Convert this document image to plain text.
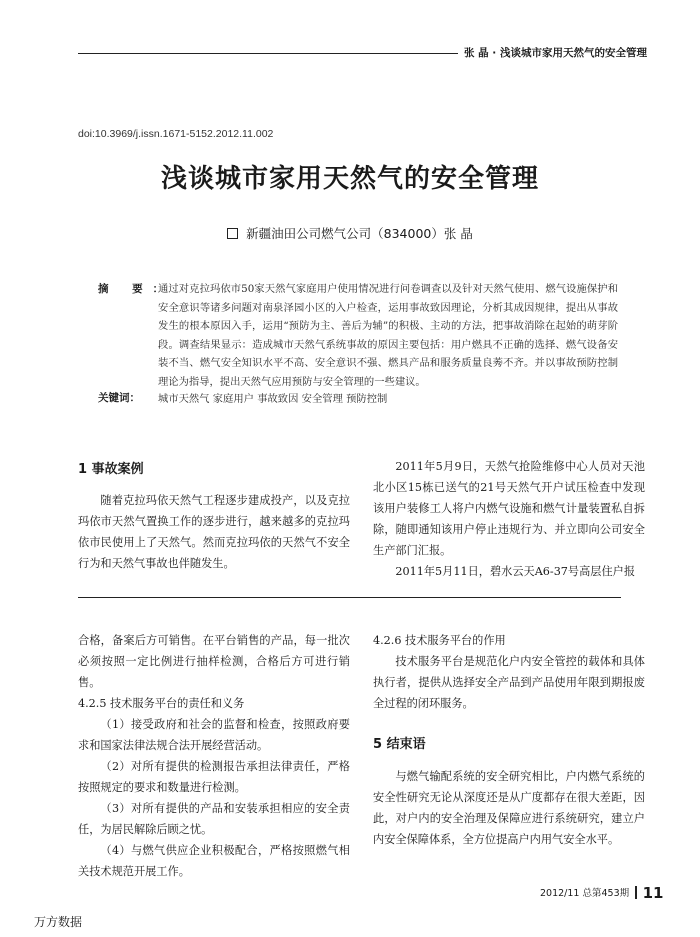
张 晶 · 浅谈城市家用天然气的安全管理
doi:10.3969/j.issn.1671-5152.2012.11.002
浅谈城市家用天然气的安全管理
新疆油田公司燃气公司（834000）张 晶
摘 要：
通过对克拉玛依市50家天然气家庭用户使用情况进行问卷调查以及针对天然气使用、燃气设施保护和安全意识等诸多问题对南泉泽园小区的入户检查，运用事故致因理论，分析其成因规律，提出从事故发生的根本原因入手，运用“预防为主、善后为辅”的积极、主动的方法，把事故消除在起始的萌芽阶段。调查结果显示：造成城市天然气系统事故的原因主要包括：用户燃具不正确的选择、燃气设备安装不当、燃气安全知识水平不高、安全意识不强、燃具产品和服务质量良莠不齐。并以事故预防控制理论为指导，提出天然气应用预防与安全管理的一些建议。
关键词： 城市天然气 家庭用户 事故致因 安全管理 预防控制
1 事故案例

随着克拉玛依天然气工程逐步建成投产，以及克拉玛依市天然气置换工作的逐步进行，越来越多的克拉玛依市民使用上了天然气。然而克拉玛依的天然气不安全行为和天然气事故也伴随发生。

2011年5月9日，天然气抢险维修中心人员对天池北小区15栋已送气的21号天然气开户试压检查中发现该用户装修工人将户内燃气设施和燃气计量装置私自拆除，随即通知该用户停止违规行为、并立即向公司安全生产部门汇报。

2011年5月11日，碧水云天A6-37号高层住户报

合格，备案后方可销售。在平台销售的产品，每一批次必须按照一定比例进行抽样检测，合格后方可进行销售。

4.2.5 技术服务平台的责任和义务

（1）接受政府和社会的监督和检查，按照政府要求和国家法律法规合法开展经营活动。

（2）对所有提供的检测报告承担法律责任，严格按照规定的要求和数量进行检测。

（3）对所有提供的产品和安装承担相应的安全责任，为居民解除后顾之忧。

（4）与燃气供应企业积极配合，严格按照燃气相关技术规范开展工作。

4.2.6 技术服务平台的作用

技术服务平台是规范化户内安全管控的载体和具体执行者，提供从选择安全产品到产品使用年限到期报废全过程的闭环服务。

5 结束语

与燃气输配系统的安全研究相比，户内燃气系统的安全性研究无论从深度还是从广度都存在很大差距，因此，对户内的安全治理及保障应进行系统研究，建立户内安全保障体系，全方位提高户内用气安全水平。

2012/11 总第453期 11
万方数据
